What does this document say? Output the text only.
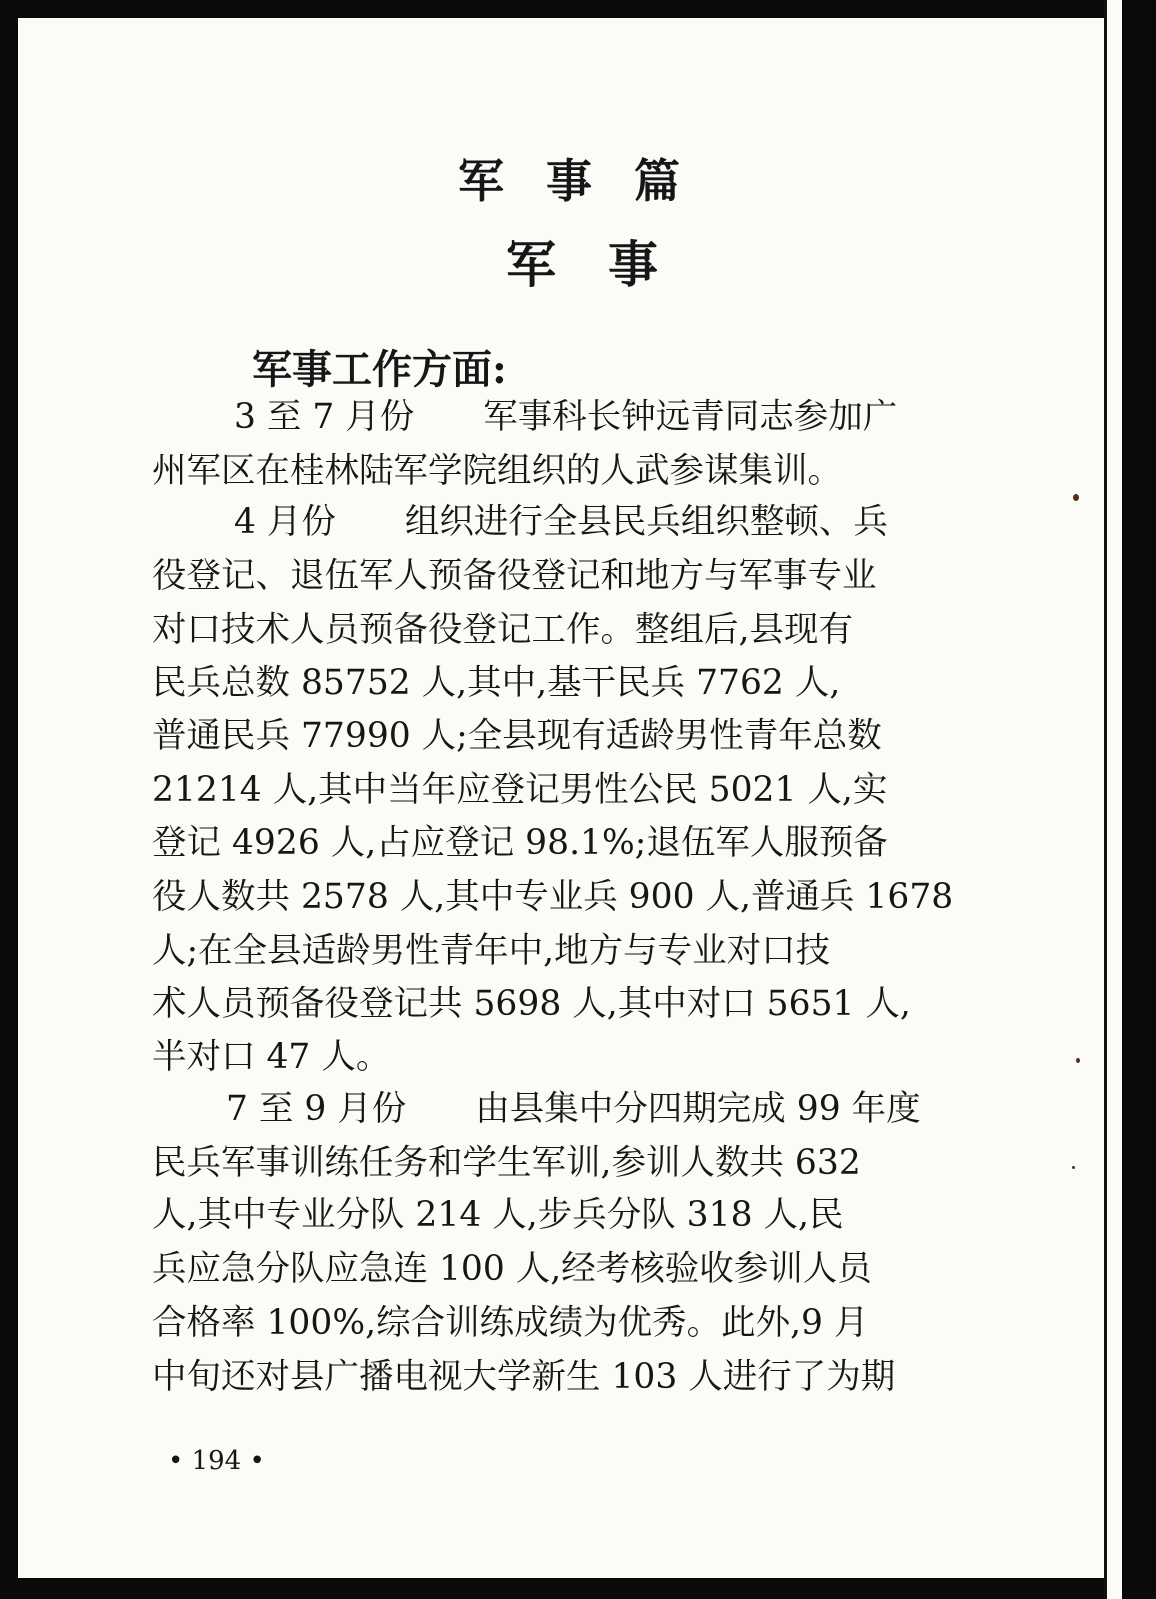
军事篇
军事
军事工作方面:
3 至 7 月份　　军事科长钟远青同志参加广
州军区在桂林陆军学院组织的人武参谋集训。
4 月份　　组织进行全县民兵组织整顿、兵
役登记、退伍军人预备役登记和地方与军事专业
对口技术人员预备役登记工作。整组后,县现有
民兵总数 85752 人,其中,基干民兵 7762 人,
普通民兵 77990 人;全县现有适龄男性青年总数
21214 人,其中当年应登记男性公民 5021 人,实
登记 4926 人,占应登记 98.1%;退伍军人服预备
役人数共 2578 人,其中专业兵 900 人,普通兵 1678
人;在全县适龄男性青年中,地方与专业对口技
术人员预备役登记共 5698 人,其中对口 5651 人,
半对口 47 人。
7 至 9 月份　　由县集中分四期完成 99 年度
民兵军事训练任务和学生军训,参训人数共 632
人,其中专业分队 214 人,步兵分队 318 人,民
兵应急分队应急连 100 人,经考核验收参训人员
合格率 100%,综合训练成绩为优秀。此外,9 月
中旬还对县广播电视大学新生 103 人进行了为期
• 194 •
